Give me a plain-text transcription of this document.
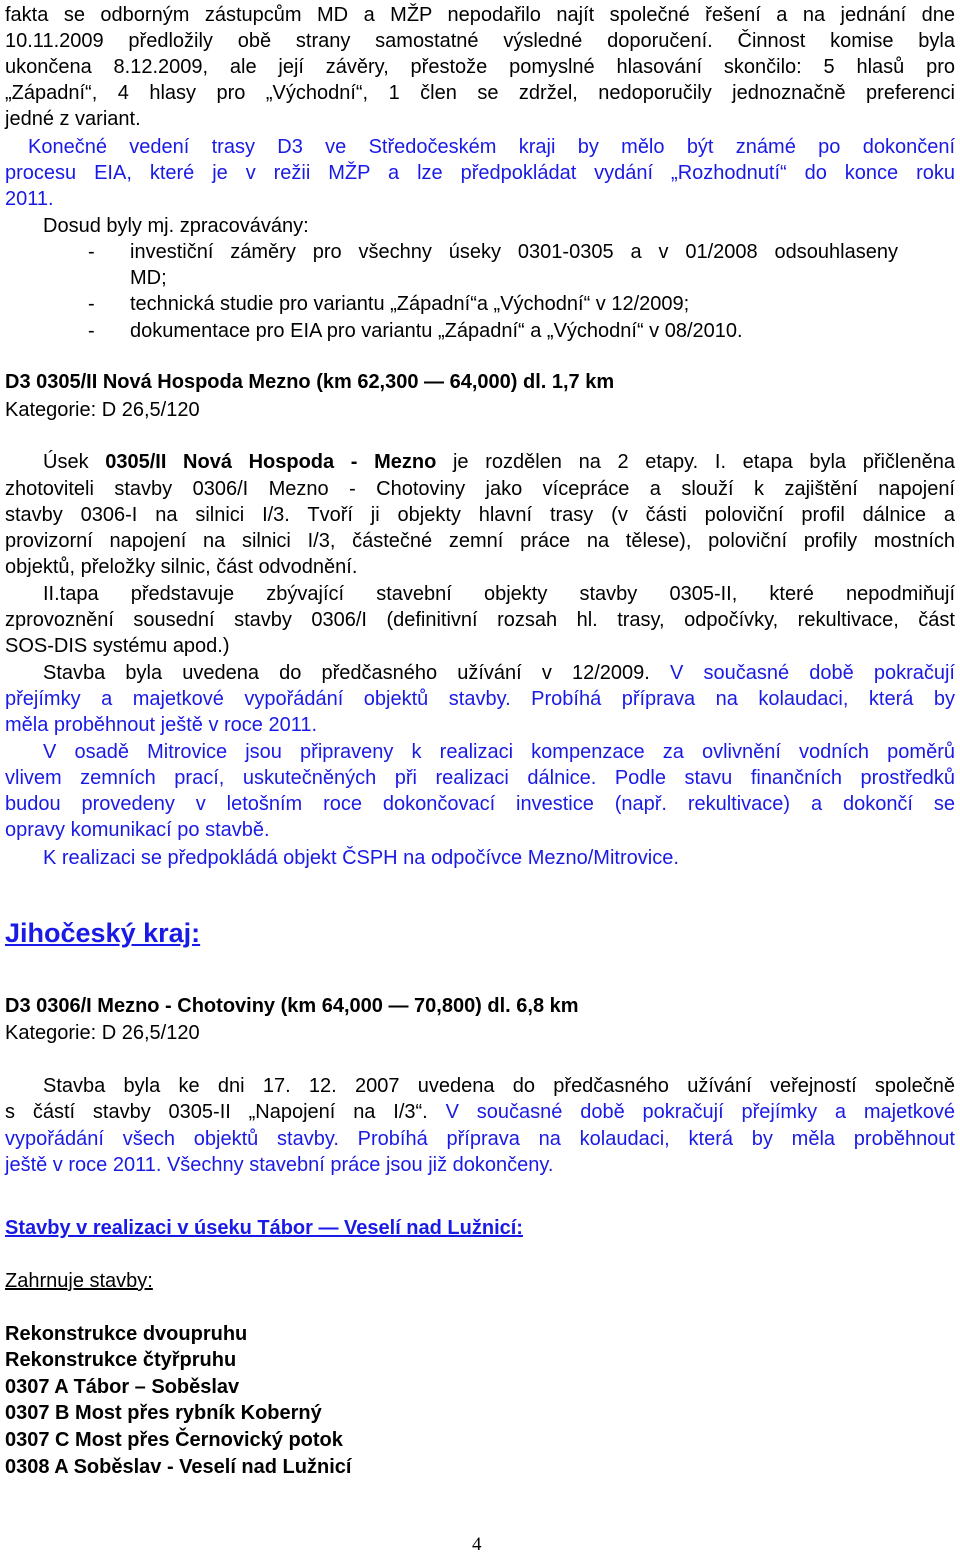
fakta se odborným zástupcům MD a MŽP nepodařilo najít společné řešení a na jednání dne
10.11.2009 předložily obě strany samostatné výsledné doporučení. Činnost komise byla
ukončena 8.12.2009, ale její závěry, přestože pomyslné hlasování skončilo: 5 hlasů pro
„Západní“, 4 hlasy pro „Východní“, 1 člen se zdržel, nedoporučily jednoznačně preferenci
jedné z variant.
Konečné vedení trasy D3 ve Středočeském kraji by mělo být známé po dokončení
procesu EIA, které je v režii MŽP a lze předpokládat vydání „Rozhodnutí“ do konce roku
2011.
Dosud byly mj. zpracovávány:
- investiční záměry pro všechny úseky 0301-0305 a v 01/2008 odsouhlaseny
MD;
- technická studie pro variantu „Západní“a „Východní“ v 12/2009;
- dokumentace pro EIA pro variantu „Západní“ a „Východní“ v 08/2010.
D3 0305/II Nová Hospoda Mezno (km 62,300 — 64,000) dl. 1,7 km
Kategorie: D 26,5/120
Úsek 0305/II Nová Hospoda - Mezno je rozdělen na 2 etapy. I. etapa byla přičleněna
zhotoviteli stavby 0306/I Mezno - Chotoviny jako vícepráce a slouží k zajištění napojení
stavby 0306-I na silnici I/3. Tvoří ji objekty hlavní trasy (v části poloviční profil dálnice a
provizorní napojení na silnici I/3, částečné zemní práce na tělese), poloviční profily mostních
objektů, přeložky silnic, část odvodnění.
II.tapa představuje zbývající stavební objekty stavby 0305-II, které nepodmiňují
zprovoznění sousední stavby 0306/I (definitivní rozsah hl. trasy, odpočívky, rekultivace, část
SOS-DIS systému apod.)
Stavba byla uvedena do předčasného užívání v 12/2009. V současné době pokračují
přejímky a majetkové vypořádání objektů stavby. Probíhá příprava na kolaudaci, která by
měla proběhnout ještě v roce 2011.
V osadě Mitrovice jsou připraveny k realizaci kompenzace za ovlivnění vodních poměrů
vlivem zemních prací, uskutečněných při realizaci dálnice. Podle stavu finančních prostředků
budou provedeny v letošním roce dokončovací investice (např. rekultivace) a dokončí se
opravy komunikací po stavbě.
K realizaci se předpokládá objekt ČSPH na odpočívce Mezno/Mitrovice.
Jihočeský kraj:
D3 0306/I Mezno - Chotoviny (km 64,000 — 70,800) dl. 6,8 km
Kategorie: D 26,5/120
Stavba byla ke dni 17. 12. 2007 uvedena do předčasného užívání veřejností společně
s částí stavby 0305-II „Napojení na I/3“. V současné době pokračují přejímky a majetkové
vypořádání všech objektů stavby. Probíhá příprava na kolaudaci, která by měla proběhnout
ještě v roce 2011. Všechny stavební práce jsou již dokončeny.
Stavby v realizaci v úseku Tábor — Veselí nad Lužnicí:
Zahrnuje stavby:
Rekonstrukce dvoupruhu
Rekonstrukce čtyřpruhu
0307 A Tábor – Soběslav
0307 B Most přes rybník Koberný
0307 C Most přes Černovický potok
0308 A Soběslav - Veselí nad Lužnicí
4
